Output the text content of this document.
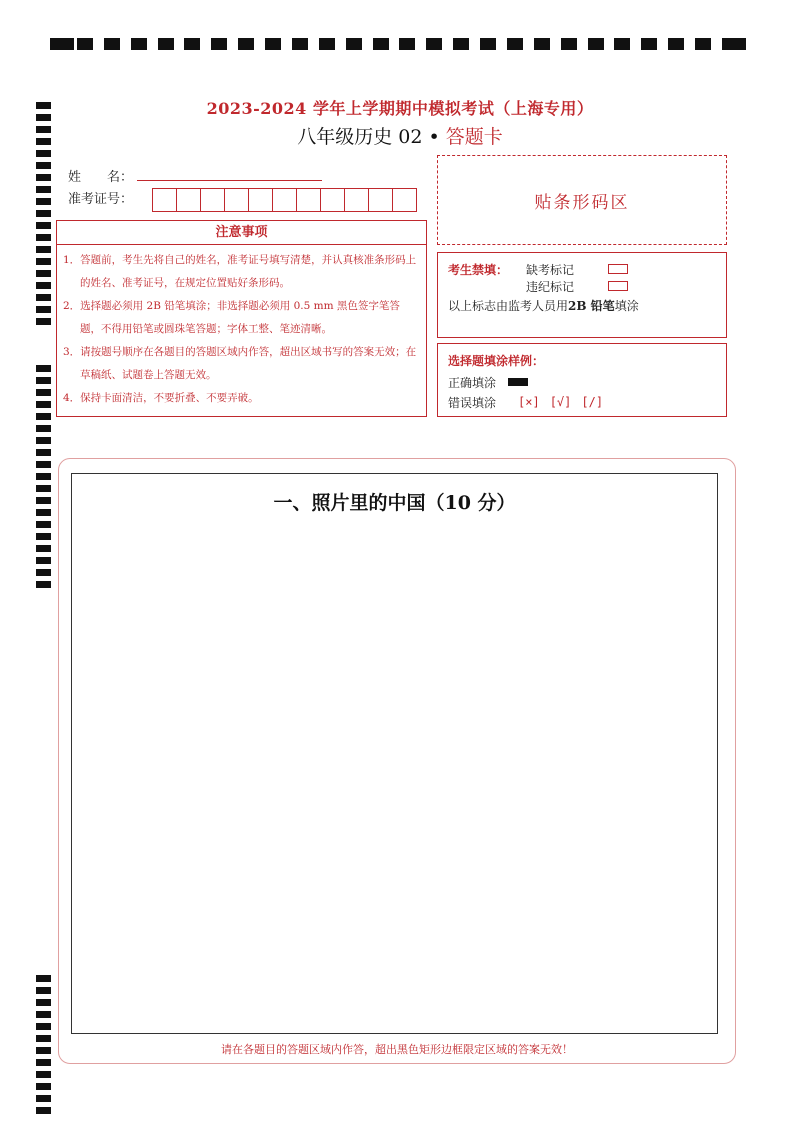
2023-2024 学年上学期期中模拟考试（上海专用）
八年级历史 02 • 答题卡
姓　　名：
准考证号：	贴条形码区
注意事项
1．答题前，考生先将自己的姓名，准考证号填写清楚，并认真核准条形码上的姓名、准考证号，在规定位置贴好条形码。
2．选择题必须用 2B 铅笔填涂；非选择题必须用 0.5 mm 黑色签字笔答题，不得用铅笔或圆珠笔答题；字体工整、笔迹清晰。
3．请按题号顺序在各题目的答题区域内作答，超出区域书写的答案无效；在草稿纸、试题卷上答题无效。
4．保持卡面清洁，不要折叠、不要弄破。
考生禁填： 缺考标记
违纪标记
以上标志由监考人员用2B 铅笔填涂
选择题填涂样例：
正确填涂
错误填涂 [×] [√] [/]
一、照片里的中国（10 分）
请在各题目的答题区域内作答，超出黑色矩形边框限定区域的答案无效！
